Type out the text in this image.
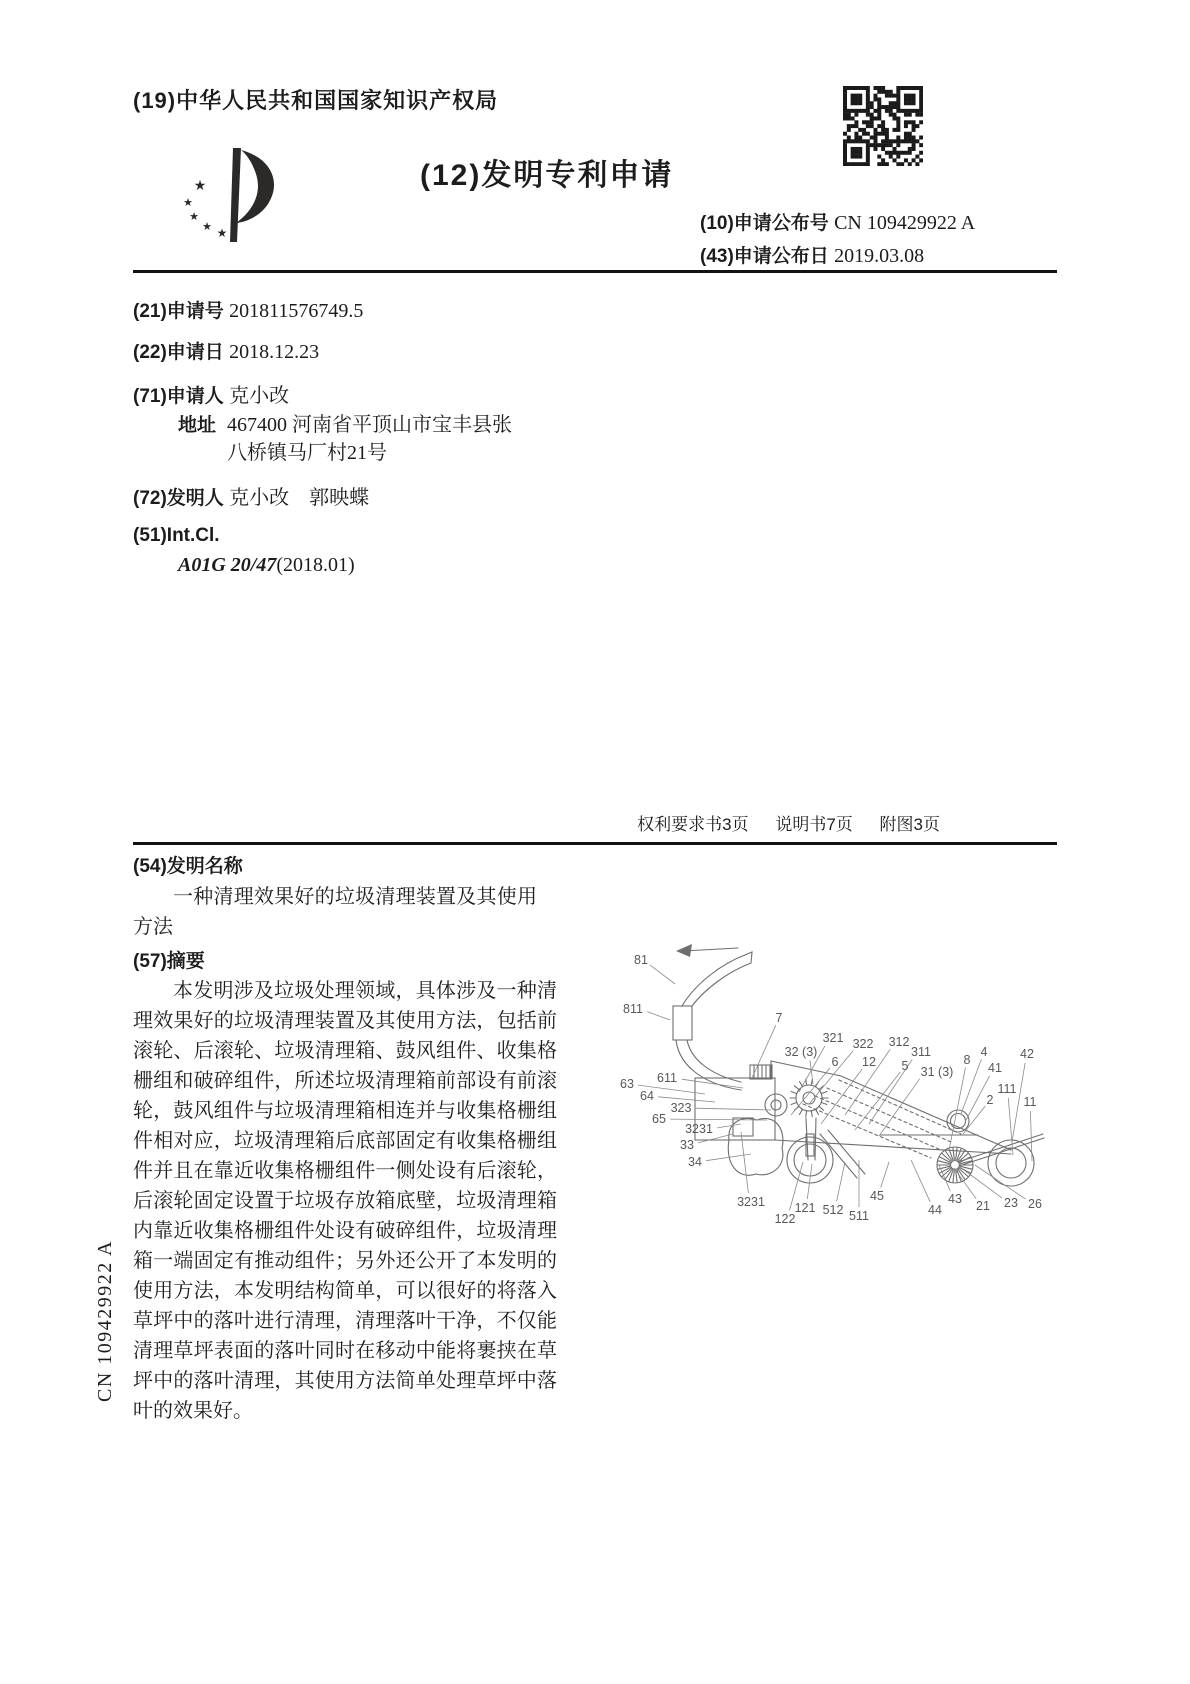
(19)中华人民共和国国家知识产权局
★
★
★
★ ★
(12)发明专利申请
(10)申请公布号 CN 109429922 A
(43)申请公布日 2019.03.08
(21)申请号 201811576749.5
(22)申请日 2018.12.23
(71)申请人 克小改
地址 467400 河南省平顶山市宝丰县张八桥镇马厂村21号
(72)发明人 克小改　郭映蝶
(51)Int.Cl.
A01G 20/47(2018.01)
权利要求书3页 说明书7页 附图3页
(54)发明名称
一种清理效果好的垃圾清理装置及其使用方法
(57)摘要
本发明涉及垃圾处理领域，具体涉及一种清理效果好的垃圾清理装置及其使用方法，包括前滚轮、后滚轮、垃圾清理箱、鼓风组件、收集格栅组和破碎组件，所述垃圾清理箱前部设有前滚轮，鼓风组件与垃圾清理箱相连并与收集格栅组件相对应，垃圾清理箱后底部固定有收集格栅组件并且在靠近收集格栅组件一侧处设有后滚轮，后滚轮固定设置于垃圾存放箱底壁，垃圾清理箱内靠近收集格栅组件处设有破碎组件，垃圾清理箱一端固定有推动组件；另外还公开了本发明的使用方法，本发明结构简单，可以很好的将落入草坪中的落叶进行清理，清理落叶干净，不仅能清理草坪表面的落叶同时在移动中能将裹挟在草坪中的落叶清理，其使用方法简单处理草坪中落叶的效果好。
CN 109429922 A
81
811
7
63 611
64
323
65
3231
33
34
32 (3)
321 322
6 12
312
5
311
31 (3)
8
4
41
42
2
111
11
3231
122
121 512 511
45
44
43 21 23 26
